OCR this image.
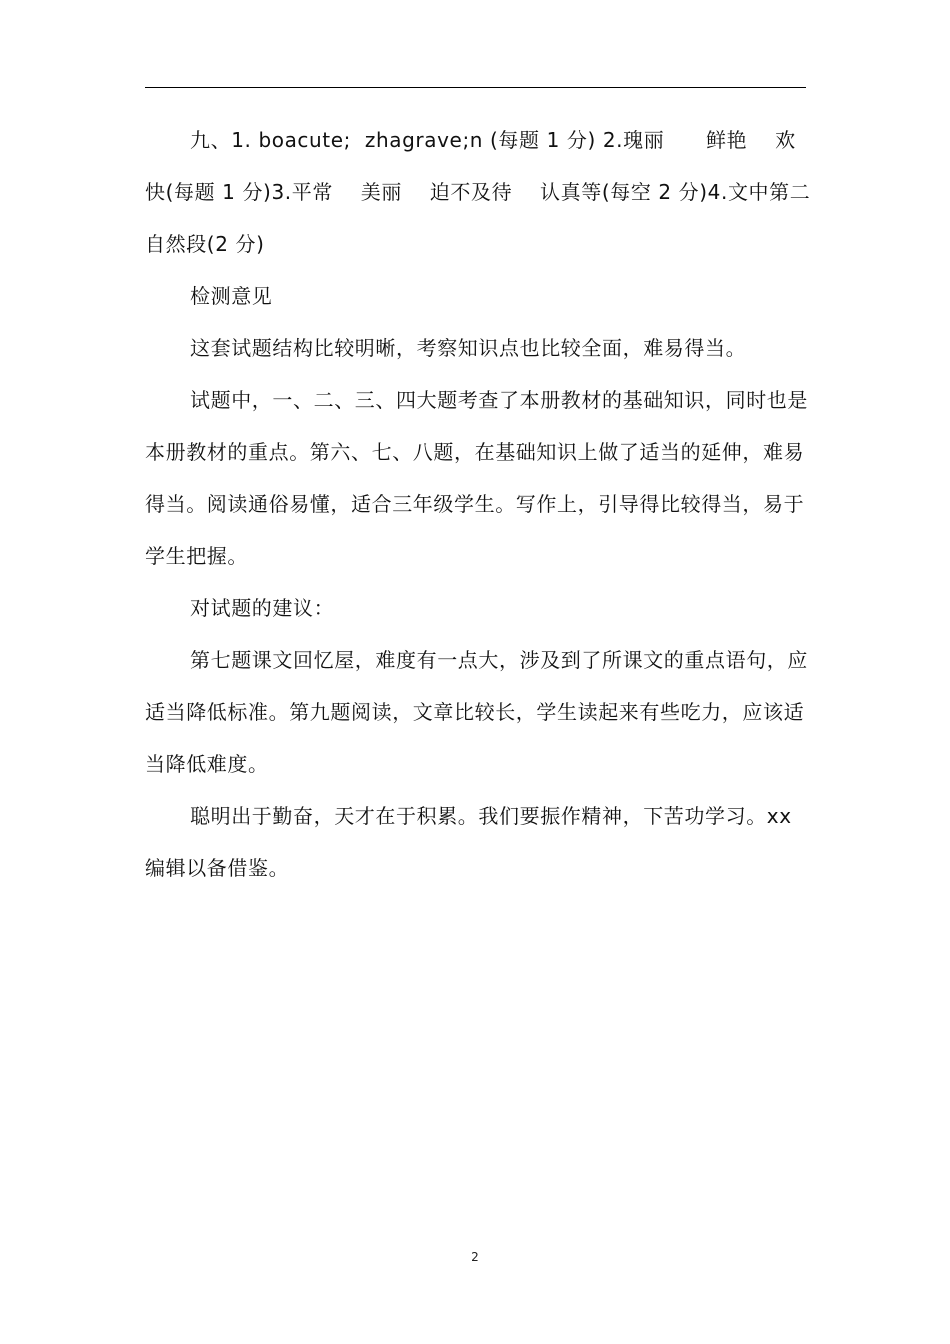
九、1. boacute;  zhagrave;n (每题 1 分) 2.瑰丽      鲜艳    欢快(每题 1 分)3.平常    美丽    迫不及待    认真等(每空 2 分)4.文中第二自然段(2 分)

检测意见

这套试题结构比较明晰，考察知识点也比较全面，难易得当。

试题中，一、二、三、四大题考查了本册教材的基础知识，同时也是本册教材的重点。第六、七、八题，在基础知识上做了适当的延伸，难易得当。阅读通俗易懂，适合三年级学生。写作上，引导得比较得当，易于学生把握。

对试题的建议：

第七题课文回忆屋，难度有一点大，涉及到了所课文的重点语句，应适当降低标准。第九题阅读，文章比较长，学生读起来有些吃力，应该适当降低难度。

聪明出于勤奋，天才在于积累。我们要振作精神，下苦功学习。xx 编辑以备借鉴。

2
